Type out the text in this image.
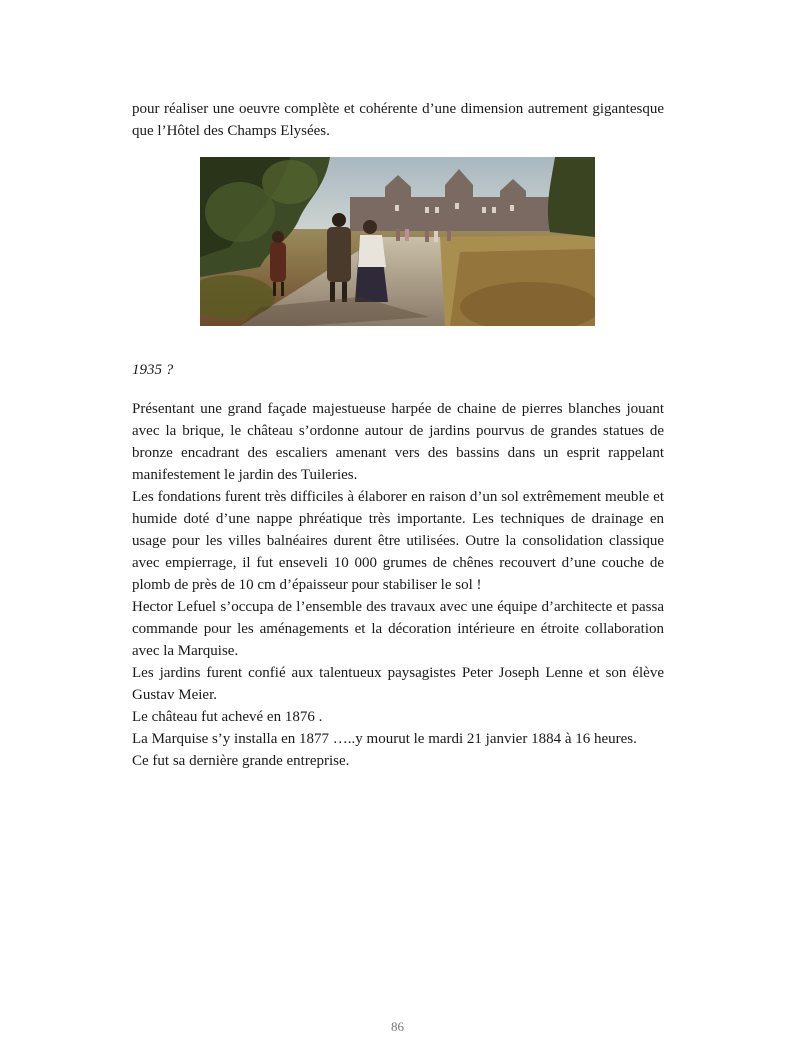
pour réaliser une oeuvre complète et cohérente d’une dimension autrement gigantesque que l’Hôtel des Champs Elysées.

1935 ?

Présentant une grand façade majestueuse harpée de chaine de pierres blanches jouant avec la brique, le château s’ordonne autour de jardins pourvus de grandes statues de bronze encadrant des escaliers amenant vers des bassins dans un esprit rappelant manifestement le jardin des Tuileries.

Les fondations furent très difficiles à élaborer en raison d’un sol extrêmement meuble et humide doté d’une nappe phréatique très importante. Les techniques de drainage en usage pour les villes balnéaires durent être utilisées. Outre la consolidation classique avec empierrage, il fut enseveli 10 000 grumes de chênes recouvert d’une couche de plomb de près de 10 cm d’épaisseur pour stabiliser le sol !

Hector Lefuel s’occupa de l’ensemble des travaux avec une équipe d’architecte et passa commande pour les aménagements et la décoration intérieure en étroite collaboration avec la Marquise.

Les jardins furent confié aux talentueux paysagistes Peter Joseph Lenne et son élève Gustav Meier.

Le château fut achevé en 1876 .

La Marquise s’y installa en 1877 …..y mourut le mardi 21 janvier 1884 à 16 heures.

Ce fut sa dernière grande entreprise.

86
